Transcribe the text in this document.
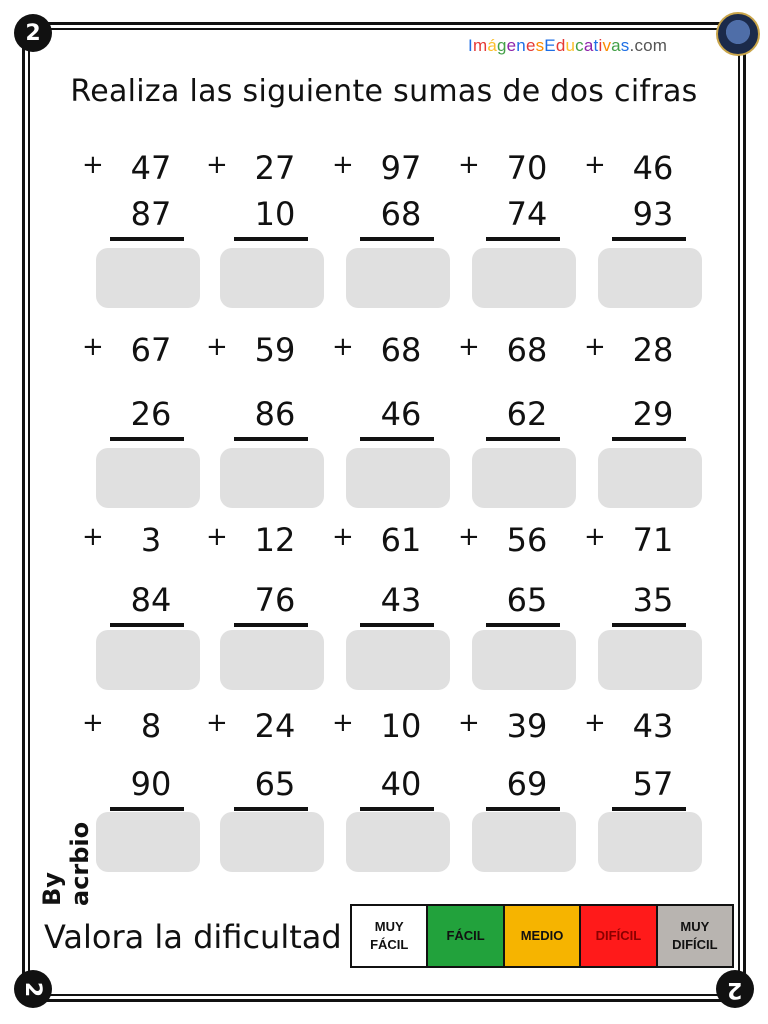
2
2	2
ImágenesEducativas.com
Realiza las siguiente sumas de dos cifras
+ 47
87
+ 27
10
+ 97
68
+ 70
74
+ 46
93
+ 67
26
+ 59
86
+ 68
46
+ 68
62
+ 28
29
+	3
84
+ 12
76
+ 61
43
+ 56
65
+ 71
35
+	8
90
+ 24
65
+ 10
40
+ 39
69
+ 43
57
By acrbio
Valora la dificultad	MUY FÁCIL
FÁCIL	MEDIO	DIFÍCIL
MUY DIFÍCIL
